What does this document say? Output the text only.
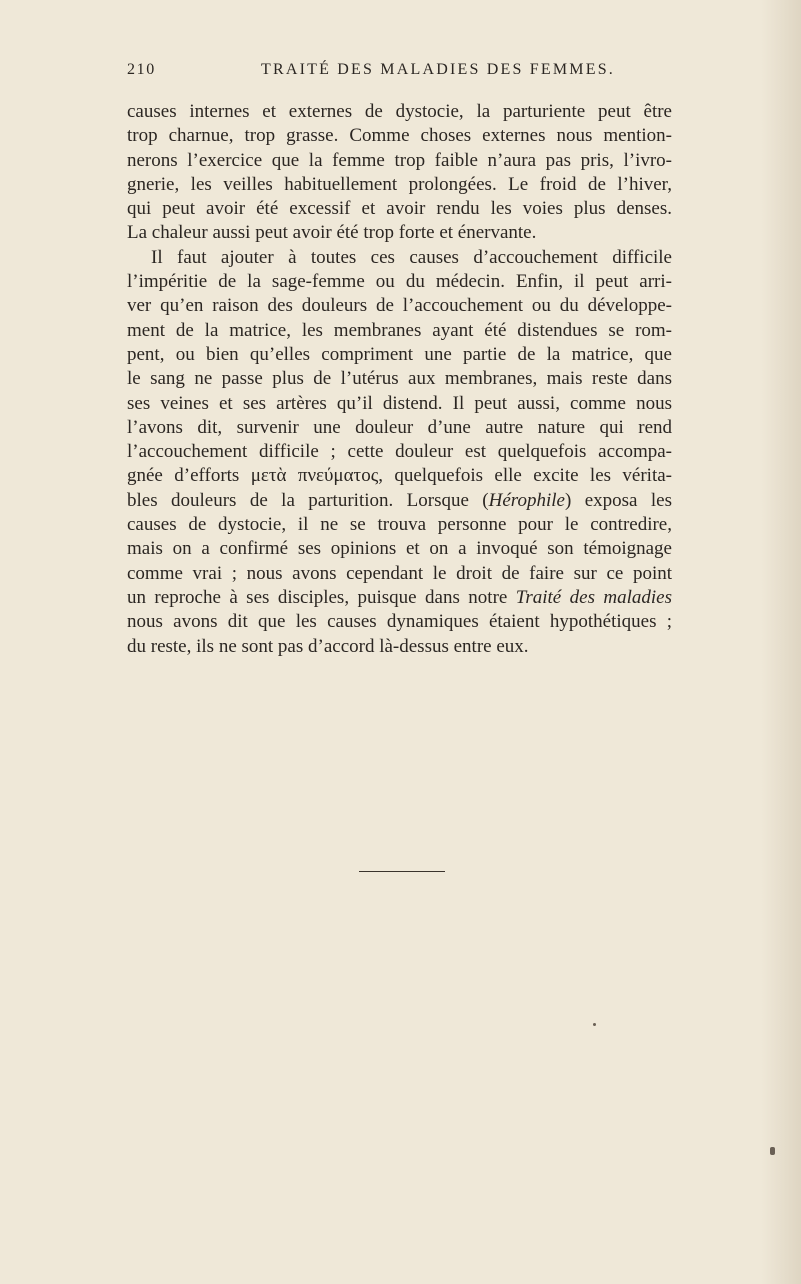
210	TRAITÉ DES MALADIES DES FEMMES.
causes internes et externes de dystocie, la parturiente peut être
trop charnue, trop grasse. Comme choses externes nous mention-
nerons l’exercice que la femme trop faible n’aura pas pris, l’ivro-
gnerie, les veilles habituellement prolongées. Le froid de l’hiver,
qui peut avoir été excessif et avoir rendu les voies plus denses.
La chaleur aussi peut avoir été trop forte et énervante.
Il faut ajouter à toutes ces causes d’accouchement difficile
l’impéritie de la sage-femme ou du médecin. Enfin, il peut arri-
ver qu’en raison des douleurs de l’accouchement ou du développe-
ment de la matrice, les membranes ayant été distendues se rom-
pent, ou bien qu’elles compriment une partie de la matrice, que
le sang ne passe plus de l’utérus aux membranes, mais reste dans
ses veines et ses artères qu’il distend. Il peut aussi, comme nous
l’avons dit, survenir une douleur d’une autre nature qui rend
l’accouchement difficile ; cette douleur est quelquefois accompa-
gnée d’efforts μετὰ πνεύματος, quelquefois elle excite les vérita-
bles douleurs de la parturition. Lorsque (Hérophile) exposa les
causes de dystocie, il ne se trouva personne pour le contredire,
mais on a confirmé ses opinions et on a invoqué son témoignage
comme vrai ; nous avons cependant le droit de faire sur ce point
un reproche à ses disciples, puisque dans notre Traité des maladies
nous avons dit que les causes dynamiques étaient hypothétiques ;
du reste, ils ne sont pas d’accord là-dessus entre eux.
